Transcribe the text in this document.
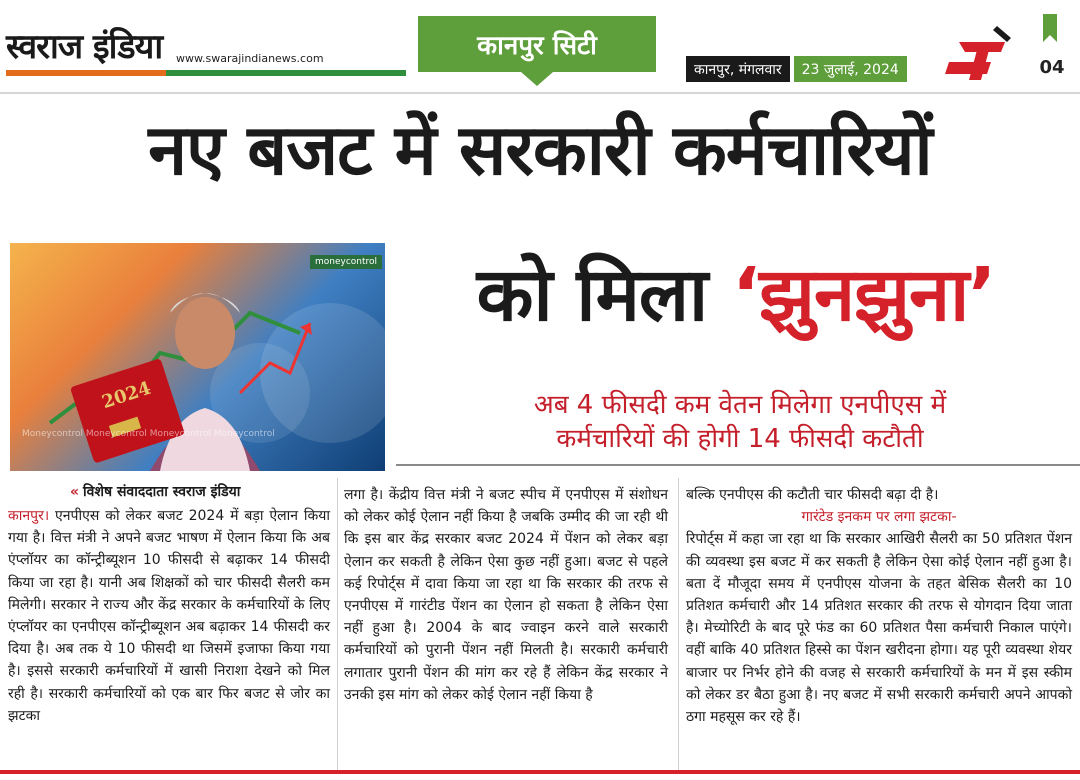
स्वराज इंडिया www.swarajindianews.com	कानपुर सिटी
कानपुर, मंगलवार	23 जुलाई, 2024	04
नए बजट में सरकारी कर्मचारियों
को मिला ‘झुनझुना’
2024
moneycontrol
Moneycontrol Moneycontrol Moneycontrol Moneycontrol
अब 4 फीसदी कम वेतन मिलेगा एनपीएस में
कर्मचारियों की होगी 14 फीसदी कटौती
« विशेष संवाददाता स्वराज इंडिया
कानपुर। एनपीएस को लेकर बजट 2024 में बड़ा ऐलान किया गया है। वित्त मंत्री ने अपने बजट भाषण में ऐलान किया कि अब एंप्लॉयर का कॉन्ट्रीब्यूशन 10 फीसदी से बढ़ाकर 14 फीसदी किया जा रहा है। यानी अब शिक्षकों को चार फीसदी सैलरी कम मिलेगी। सरकार ने राज्य और केंद्र सरकार के कर्मचारियों के लिए एंप्लॉयर का एनपीएस कॉन्ट्रीब्यूशन अब बढ़ाकर 14 फीसदी कर दिया है। अब तक ये 10 फीसदी था जिसमें इजाफा किया गया है। इससे सरकारी कर्मचारियों में खासी निराशा देखने को मिल रही है। सरकारी कर्मचारियों को एक बार फिर बजट से जोर का झटका
लगा है। केंद्रीय वित्त मंत्री ने बजट स्पीच में एनपीएस में संशोधन को लेकर कोई ऐलान नहीं किया है जबकि उम्मीद की जा रही थी कि इस बार केंद्र सरकार बजट 2024 में पेंशन को लेकर बड़ा ऐलान कर सकती है लेकिन ऐसा कुछ नहीं हुआ। बजट से पहले कई रिपोर्ट्स में दावा किया जा रहा था कि सरकार की तरफ से एनपीएस में गारंटीड पेंशन का ऐलान हो सकता है लेकिन ऐसा नहीं हुआ है। 2004 के बाद ज्वाइन करने वाले सरकारी कर्मचारियों को पुरानी पेंशन नहीं मिलती है। सरकारी कर्मचारी लगातार पुरानी पेंशन की मांग कर रहे हैं लेकिन केंद्र सरकार ने उनकी इस मांग को लेकर कोई ऐलान नहीं किया है
बल्कि एनपीएस की कटौती चार फीसदी बढ़ा दी है।
गारंटेड इनकम पर लगा झटका-
रिपोर्ट्स में कहा जा रहा था कि सरकार आखिरी सैलरी का 50 प्रतिशत पेंशन की व्यवस्था इस बजट में कर सकती है लेकिन ऐसा कोई ऐलान नहीं हुआ है। बता दें मौजूदा समय में एनपीएस योजना के तहत बेसिक सैलरी का 10 प्रतिशत कर्मचारी और 14 प्रतिशत सरकार की तरफ से योगदान दिया जाता है। मेच्योरिटी के बाद पूरे फंड का 60 प्रतिशत पैसा कर्मचारी निकाल पाएंगे। वहीं बाकि 40 प्रतिशत हिस्से का पेंशन खरीदना होगा। यह पूरी व्यवस्था शेयर बाजार पर निर्भर होने की वजह से सरकारी कर्मचारियों के मन में इस स्कीम को लेकर डर बैठा हुआ है। नए बजट में सभी सरकारी कर्मचारी अपने आपको ठगा महसूस कर रहे हैं।
